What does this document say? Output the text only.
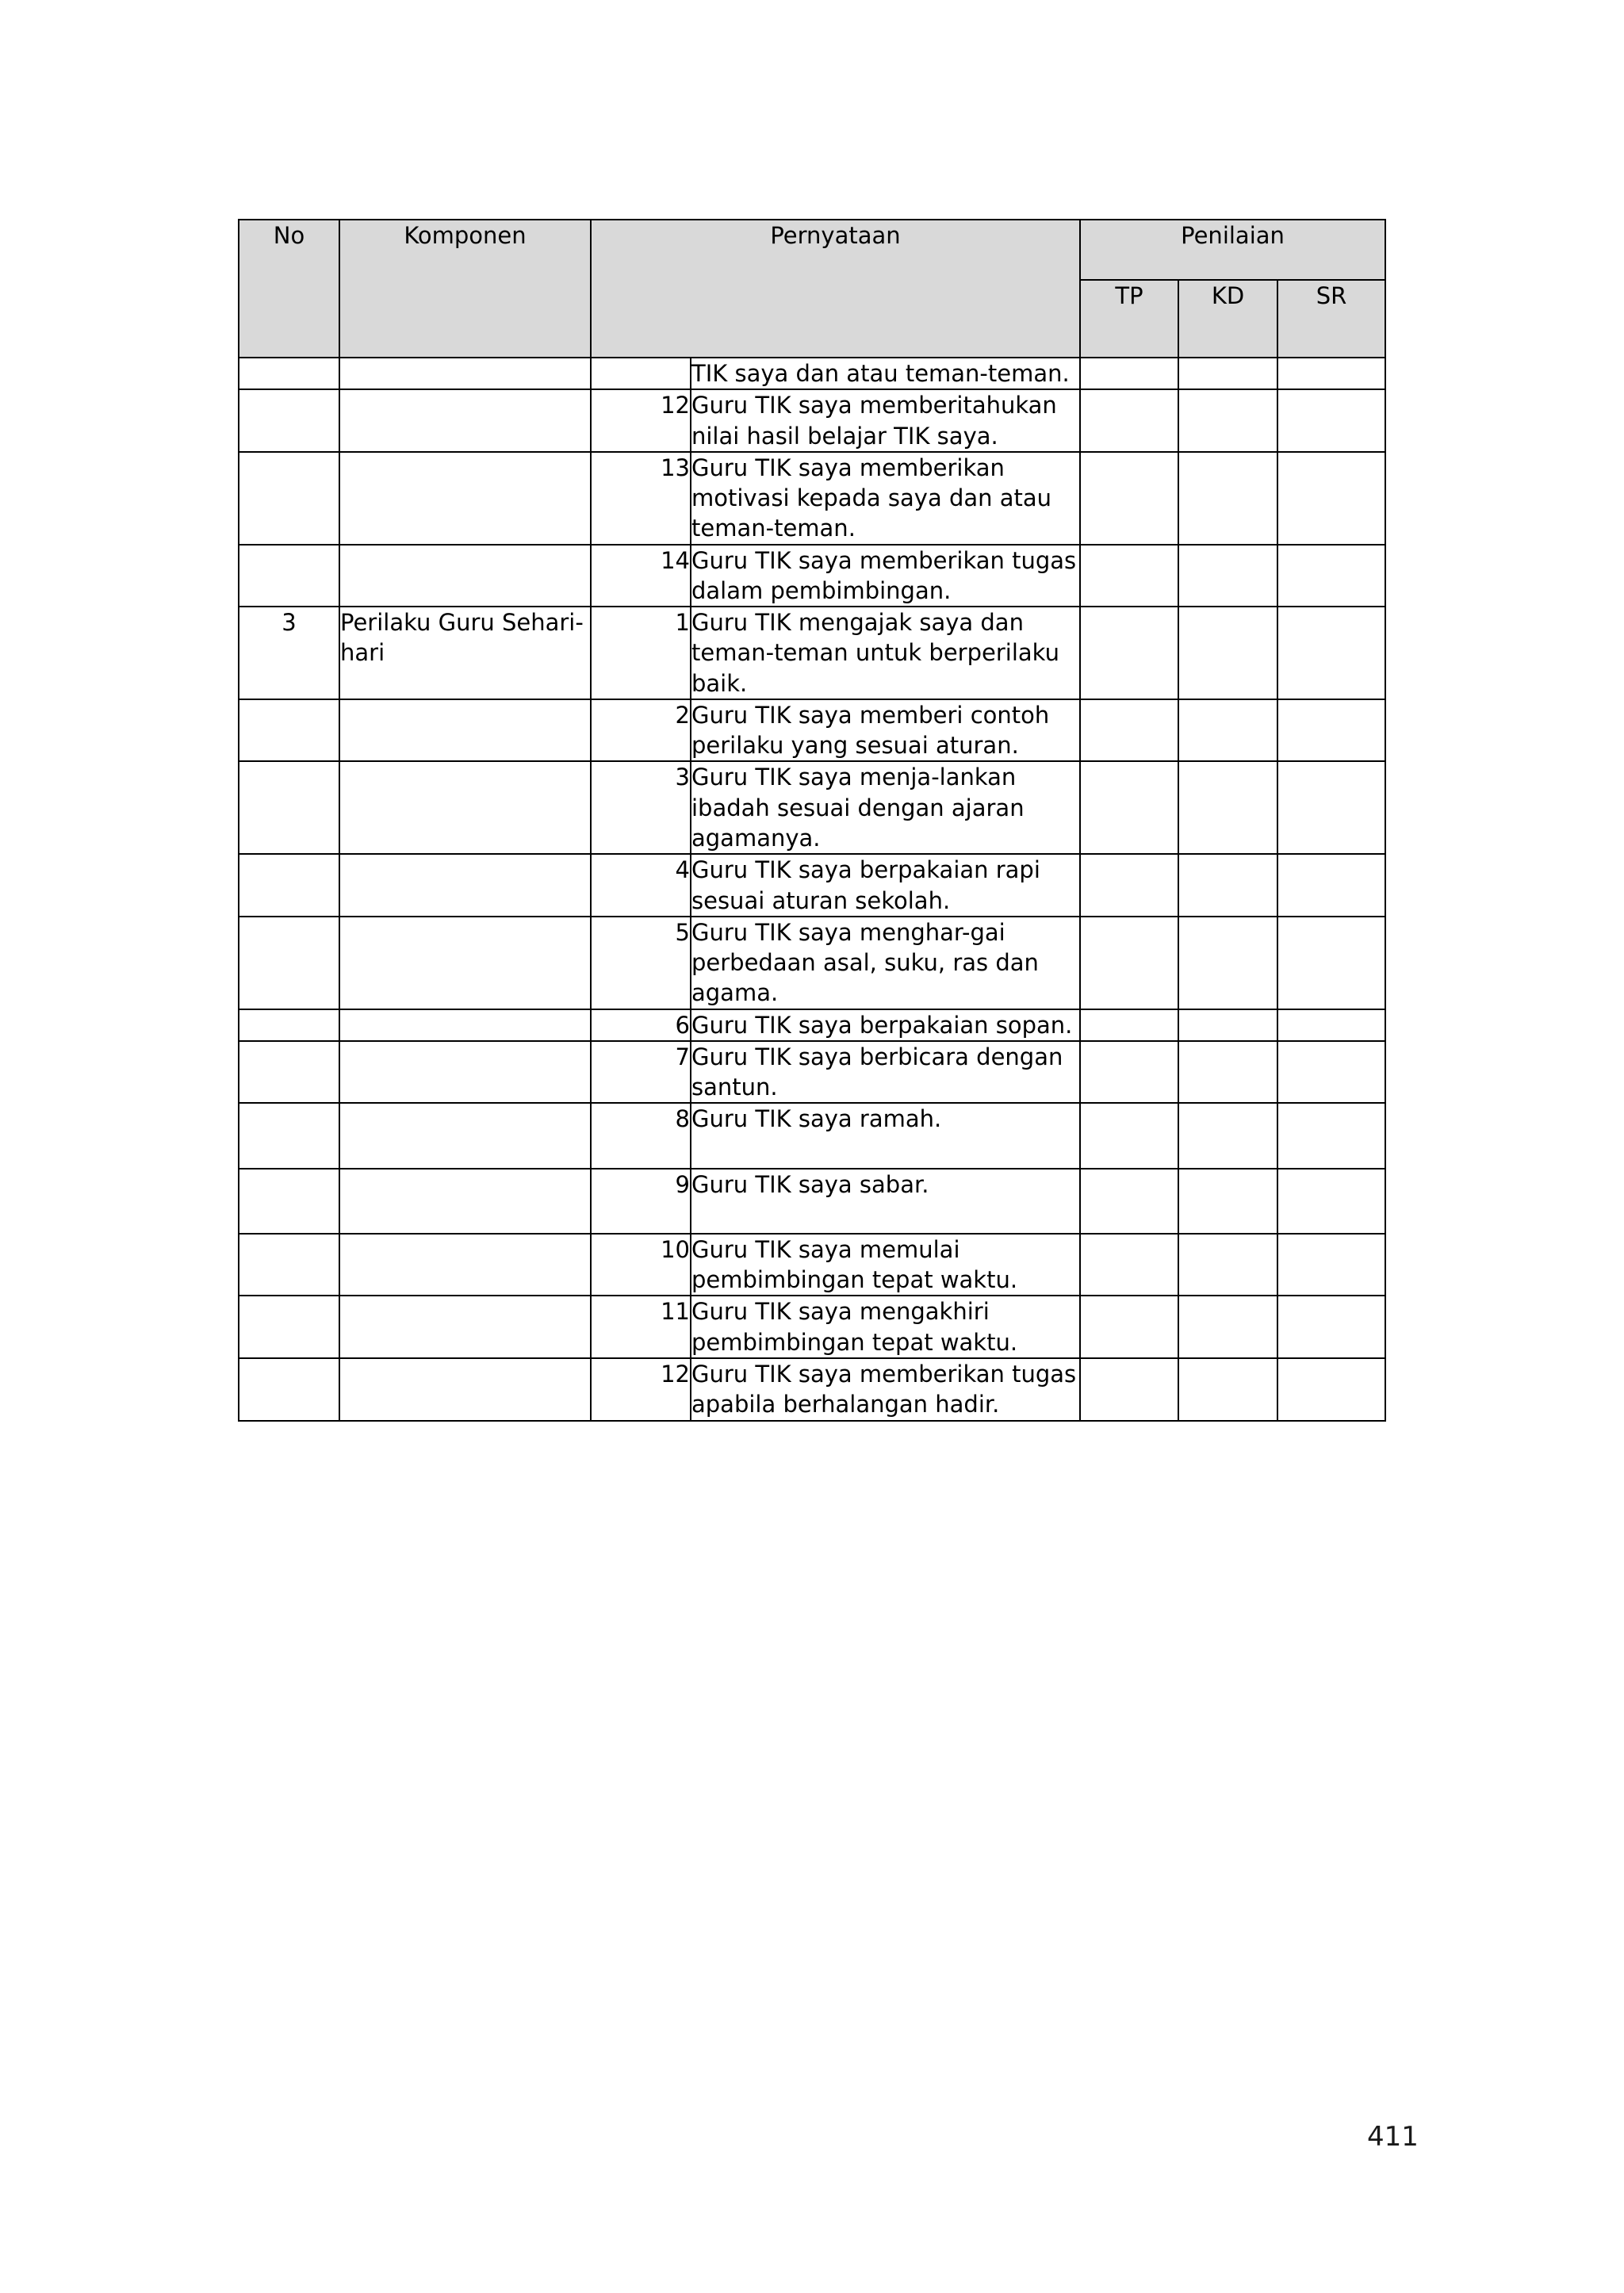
No	Komponen	Pernyataan		Penilaian		
				TP	KD	SR
			TIK saya dan atau teman-teman.			
		12	Guru TIK saya memberitahukan nilai hasil belajar TIK saya.			
		13	Guru TIK saya memberikan motivasi kepada saya dan atau teman-teman.			
		14	Guru TIK saya memberikan tugas dalam pembimbingan.			
3	Perilaku Guru Sehari-hari	1	Guru TIK mengajak saya dan teman-teman untuk berperilaku baik.			
		2	Guru TIK saya memberi contoh perilaku yang sesuai aturan.			
		3	Guru TIK saya menja-lankan ibadah sesuai dengan ajaran agamanya.			
		4	Guru TIK saya berpakaian rapi sesuai aturan sekolah.			
		5	Guru TIK saya menghar-gai perbedaan asal, suku, ras dan agama.			
		6	Guru TIK saya berpakaian sopan.			
		7	Guru TIK saya berbicara dengan santun.			
		8	Guru TIK saya ramah.			
		9	Guru TIK saya sabar.			
		10	Guru TIK saya memulai pembimbingan tepat waktu.			
		11	Guru TIK saya mengakhiri pembimbingan tepat waktu.			
		12	Guru TIK saya memberikan tugas apabila berhalangan hadir.			
411
